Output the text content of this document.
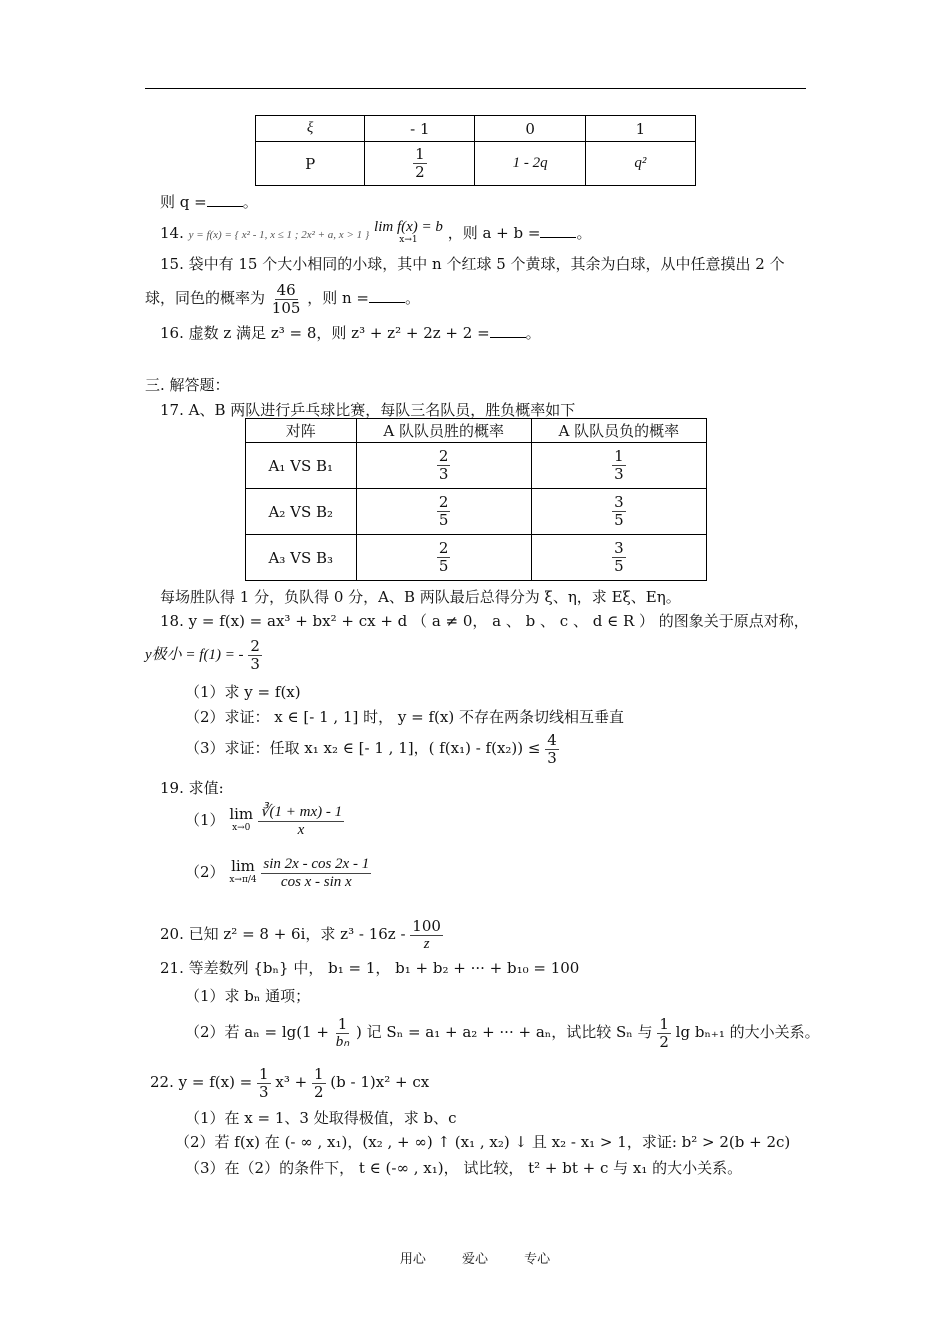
ξ	- 1	0	1
P	$\frac{1}{2}$	1 - 2q	q²
则 q = 。
14. y = f(x) = { x² - 1, x ≤ 1 ; 2x² + a, x > 1 } lim f(x) = b
x→1 ，则 a + b = 。
15. 袋中有 15 个大小相同的小球，其中 n 个红球 5 个黄球，其余为白球，从中任意摸出 2 个
球，同色的概率为 $\frac{46}{105}$ ，则 n = 。
16. 虚数 z 满足 z³ = 8，则 z³ + z² + 2z + 2 = 。
三. 解答题：
17. A、B 两队进行乒乓球比赛，每队三名队员，胜负概率如下
对阵	A 队队员胜的概率	A 队队员负的概率
A₁ VS B₁	$\frac{2}{3}$	$\frac{1}{3}$

A₂ VS B₂	$\frac{2}{5}$	$\frac{3}{5}$

A₃ VS B₃	$\frac{2}{5}$	$\frac{3}{5}$
每场胜队得 1 分，负队得 0 分，A、B 两队最后总得分为 ξ、η，求 Eξ、Eη。
18. y = f(x) = ax³ + bx² + cx + d （ a ≠ 0， a 、 b 、 c 、 d ∈ R ） 的图象关于原点对称，
y极小 = f(1) = - $\frac{2}{3}$
（1）求 y = f(x)
（2）求证： x ∈ [- 1 , 1] 时， y = f(x) 不存在两条切线相互垂直
（3）求证：任取 x₁ x₂ ∈ [- 1 , 1]，( $f(x_1) - f(x_2)) \le \frac{4}{3}$
19. 求值:
（1） lim
x→0
$\frac{∛(1 + mx) - 1}{x}$
（2） lim
x→π/4
$\frac{\sin 2x - \cos 2x - 1}{\text{cos x - sin x}}$
20. 已知 z² = 8 + 6i，求 $z^3 - 16z - \frac{100}{z}$
21. 等差数列 {bₙ} 中， b₁ = 1， b₁ + b₂ + ··· + b₁₀ = 100
（1）求 bₙ 通项；
（2）若 $a_n = \lg(1 + \frac{1}{\text{bₙ}}$ ) 记 Sₙ = a₁ + a₂ + ··· + aₙ，试比较 Sₙ 与 $\frac{1}{2}$ lg bₙ₊₁ 的大小关系。
22. $y = f(x) = \frac{1}{3} x^3 + \frac{1}{2} (b - 1)x^2$ + cx
（1）在 x = 1、3 处取得极值，求 b、c
（2）若 f(x) 在 (- ∞ , x₁)，(x₂ , + ∞) ↑ (x₁ , x₂) ↓ 且 x₂ - x₁ > 1，求证: b² > 2(b + 2c)
（3）在（2）的条件下， t ∈ (-∞ , x₁)， 试比较， t² + bt + c 与 x₁ 的大小关系。
用心	爱心	专心
